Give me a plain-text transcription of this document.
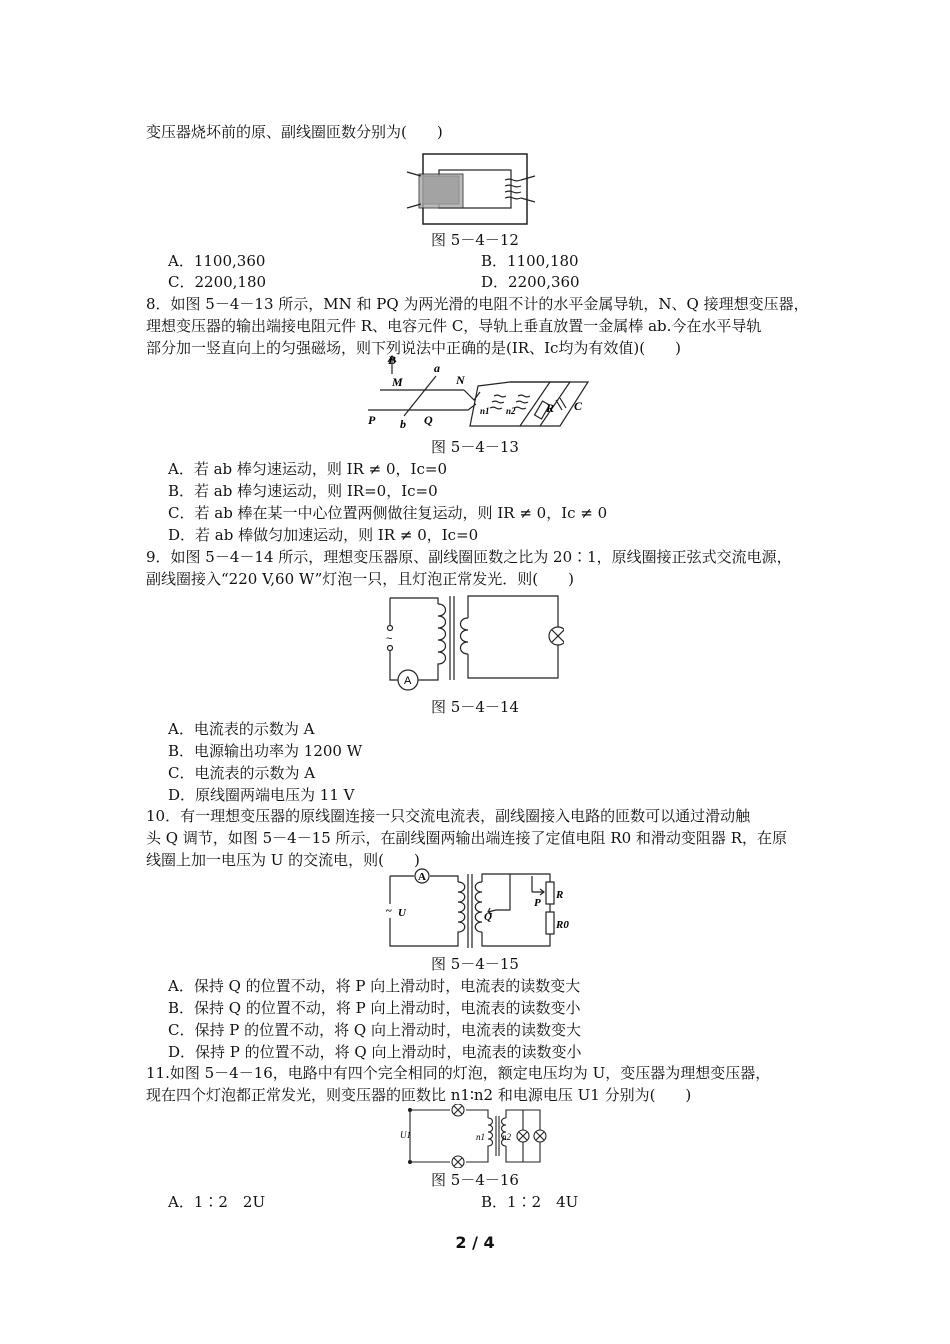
变压器烧坏前的原、副线圈匝数分别为(　　)
图 5－4－12
A．1100,360	B．1100,180
C．2200,180	D．2200,360
8．如图 5－4－13 所示，MN 和 PQ 为两光滑的电阻不计的水平金属导轨，N、Q 接理想变压器，
理想变压器的输出端接电阻元件 R、电容元件 C，导轨上垂直放置一金属棒 ab.今在水平导轨
部分加一竖直向上的匀强磁场，则下列说法中正确的是(IR、Ic均为有效值)(　　)
M
B
a
N
P b Q
n1 n2	R C
图 5－4－13
A．若 ab 棒匀速运动，则 IR ≠ 0，Ic=0
B．若 ab 棒匀速运动，则 IR=0，Ic=0
C．若 ab 棒在某一中心位置两侧做往复运动，则 IR ≠ 0，Ic ≠ 0
D．若 ab 棒做匀加速运动，则 IR ≠ 0，Ic=0
9．如图 5－4－14 所示，理想变压器原、副线圈匝数之比为 20∶1，原线圈接正弦式交流电源，
副线圈接入“220 V,60 W”灯泡一只，且灯泡正常发光．则(　　)
A
~
图 5－4－14
A．电流表的示数为 A
B．电源输出功率为 1200 W
C．电流表的示数为 A
D．原线圈两端电压为 11 V
10．有一理想变压器的原线圈连接一只交流电流表，副线圈接入电路的匝数可以通过滑动触
头 Q 调节，如图 5－4－15 所示，在副线圈两输出端连接了定值电阻 R0 和滑动变阻器 R，在原
线圈上加一电压为 U 的交流电，则(　　)
A
~ U	Q
P
R
R0
图 5－4－15
A．保持 Q 的位置不动，将 P 向上滑动时，电流表的读数变大
B．保持 Q 的位置不动，将 P 向上滑动时，电流表的读数变小
C．保持 P 的位置不动，将 Q 向上滑动时，电流表的读数变大
D．保持 P 的位置不动，将 Q 向上滑动时，电流表的读数变小
11.如图 5－4－16，电路中有四个完全相同的灯泡，额定电压均为 U，变压器为理想变压器，
现在四个灯泡都正常发光，则变压器的匝数比 n1∶n2 和电源电压 U1 分别为(　　)
U1	n1 n2
图 5－4－16
A．1∶2　2U	B．1∶2　4U
2 / 4
